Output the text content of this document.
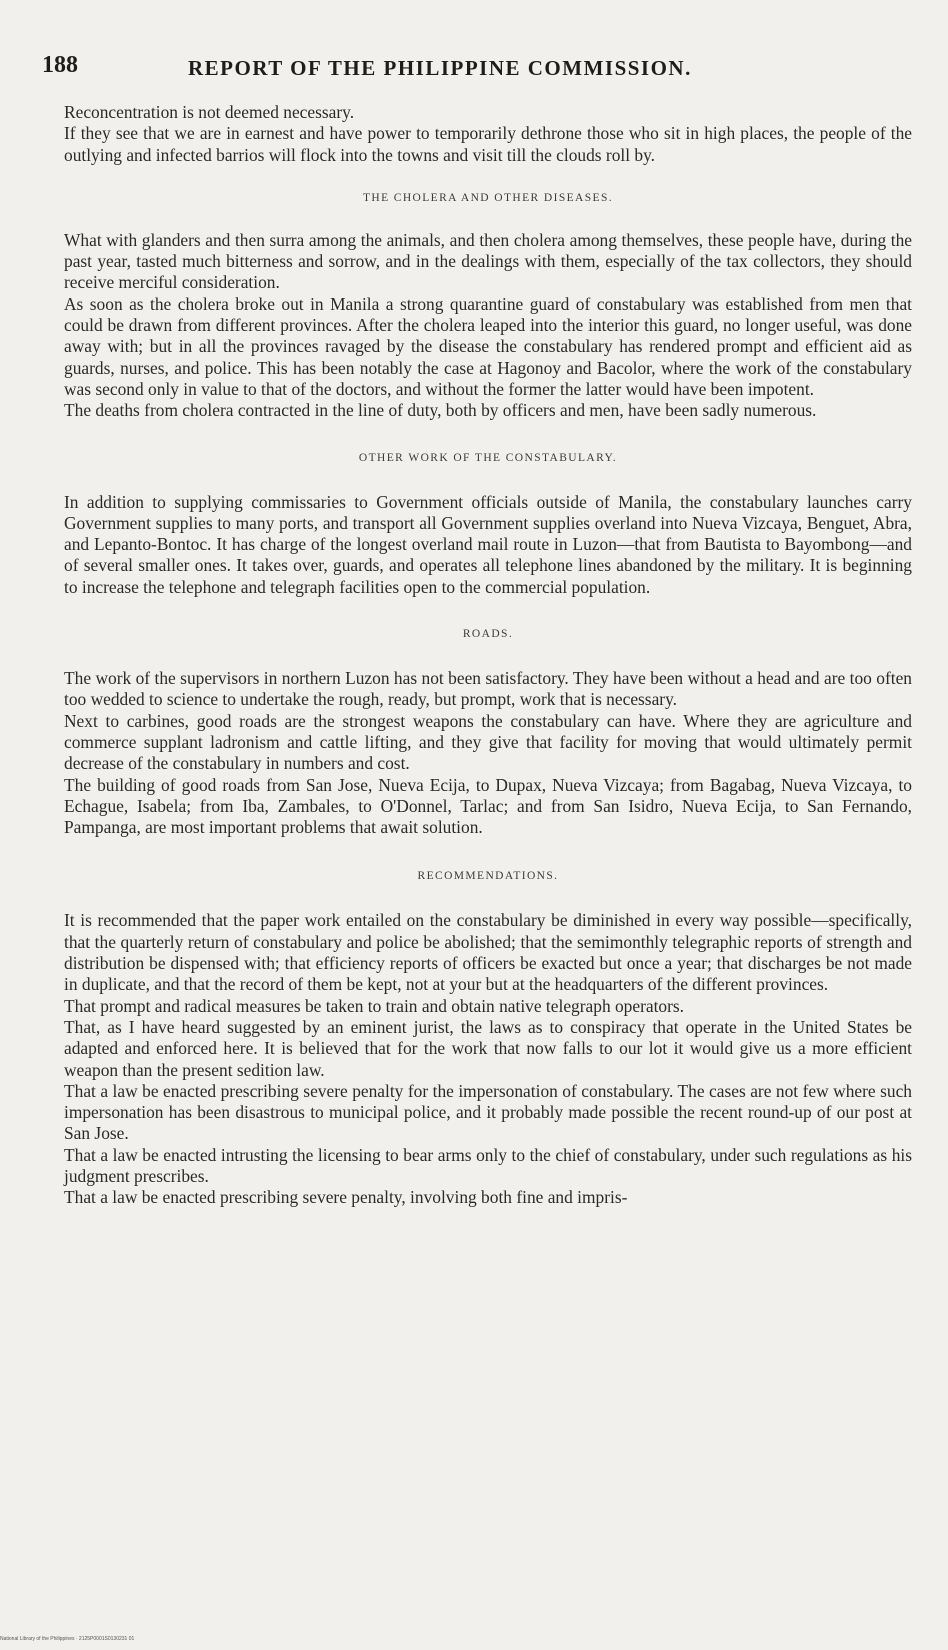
188	REPORT OF THE PHILIPPINE COMMISSION.

Reconcentration is not deemed necessary.

If they see that we are in earnest and have power to temporarily dethrone those who sit in high places, the people of the outlying and infected barrios will flock into the towns and visit till the clouds roll by.

THE CHOLERA AND OTHER DISEASES.

What with glanders and then surra among the animals, and then cholera among themselves, these people have, during the past year, tasted much bitterness and sorrow, and in the dealings with them, especially of the tax collectors, they should receive merciful consideration.

As soon as the cholera broke out in Manila a strong quarantine guard of constabulary was established from men that could be drawn from different provinces. After the cholera leaped into the interior this guard, no longer useful, was done away with; but in all the provinces ravaged by the disease the constabulary has rendered prompt and efficient aid as guards, nurses, and police. This has been notably the case at Hagonoy and Bacolor, where the work of the constabulary was second only in value to that of the doctors, and without the former the latter would have been impotent.

The deaths from cholera contracted in the line of duty, both by officers and men, have been sadly numerous.

OTHER WORK OF THE CONSTABULARY.

In addition to supplying commissaries to Government officials outside of Manila, the constabulary launches carry Government supplies to many ports, and transport all Government supplies overland into Nueva Vizcaya, Benguet, Abra, and Lepanto-Bontoc. It has charge of the longest overland mail route in Luzon—that from Bautista to Bayombong—and of several smaller ones. It takes over, guards, and operates all telephone lines abandoned by the military. It is beginning to increase the telephone and telegraph facilities open to the commercial population.

ROADS.

The work of the supervisors in northern Luzon has not been satisfactory. They have been without a head and are too often too wedded to science to undertake the rough, ready, but prompt, work that is necessary.

Next to carbines, good roads are the strongest weapons the constabulary can have. Where they are agriculture and commerce supplant ladronism and cattle lifting, and they give that facility for moving that would ultimately permit decrease of the constabulary in numbers and cost.

The building of good roads from San Jose, Nueva Ecija, to Dupax, Nueva Vizcaya; from Bagabag, Nueva Vizcaya, to Echague, Isabela; from Iba, Zambales, to O'Donnel, Tarlac; and from San Isidro, Nueva Ecija, to San Fernando, Pampanga, are most important problems that await solution.

RECOMMENDATIONS.

It is recommended that the paper work entailed on the constabulary be diminished in every way possible—specifically, that the quarterly return of constabulary and police be abolished; that the semimonthly telegraphic reports of strength and distribution be dispensed with; that efficiency reports of officers be exacted but once a year; that discharges be not made in duplicate, and that the record of them be kept, not at your but at the headquarters of the different provinces.

That prompt and radical measures be taken to train and obtain native telegraph operators.

That, as I have heard suggested by an eminent jurist, the laws as to conspiracy that operate in the United States be adapted and enforced here. It is believed that for the work that now falls to our lot it would give us a more efficient weapon than the present sedition law.

That a law be enacted prescribing severe penalty for the impersonation of constabulary. The cases are not few where such impersonation has been disastrous to municipal police, and it probably made possible the recent round-up of our post at San Jose.

That a law be enacted intrusting the licensing to bear arms only to the chief of constabulary, under such regulations as his judgment prescribes.

That a law be enacted prescribing severe penalty, involving both fine and impris-

National Library of the Philippines · 2125P0001S0130231 01
